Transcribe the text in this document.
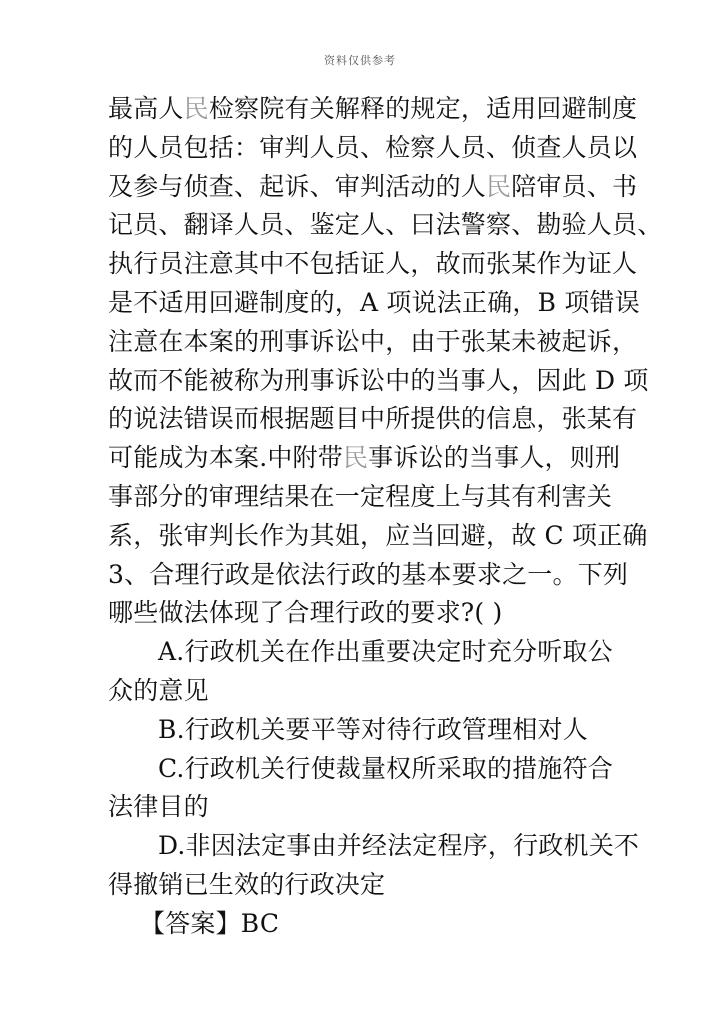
资料仅供参考
最高人民检察院有关解释的规定，适用回避制度
的人员包括：审判人员、检察人员、侦查人员以
及参与侦查、起诉、审判活动的人民陪审员、书
记员、翻译人员、鉴定人、曰法警察、勘验人员、
执行员注意其中不包括证人，故而张某作为证人
是不适用回避制度的，A 项说法正确，B 项错误
注意在本案的刑事诉讼中，由于张某未被起诉，
故而不能被称为刑事诉讼中的当事人，因此 D 项
的说法错误而根据题目中所提供的信息，张某有
可能成为本案.中附带民事诉讼的当事人，则刑
事部分的审理结果在一定程度上与其有利害关
系，张审判长作为其姐，应当回避，故 C 项正确
3、合理行政是依法行政的基本要求之一。下列
哪些做法体现了合理行政的要求?( )
A.行政机关在作出重要决定时充分听取公
众的意见
B.行政机关要平等对待行政管理相对人
C.行政机关行使裁量权所采取的措施符合
法律目的
D.非因法定事由并经法定程序，行政机关不
得撤销已生效的行政决定
【答案】BC
